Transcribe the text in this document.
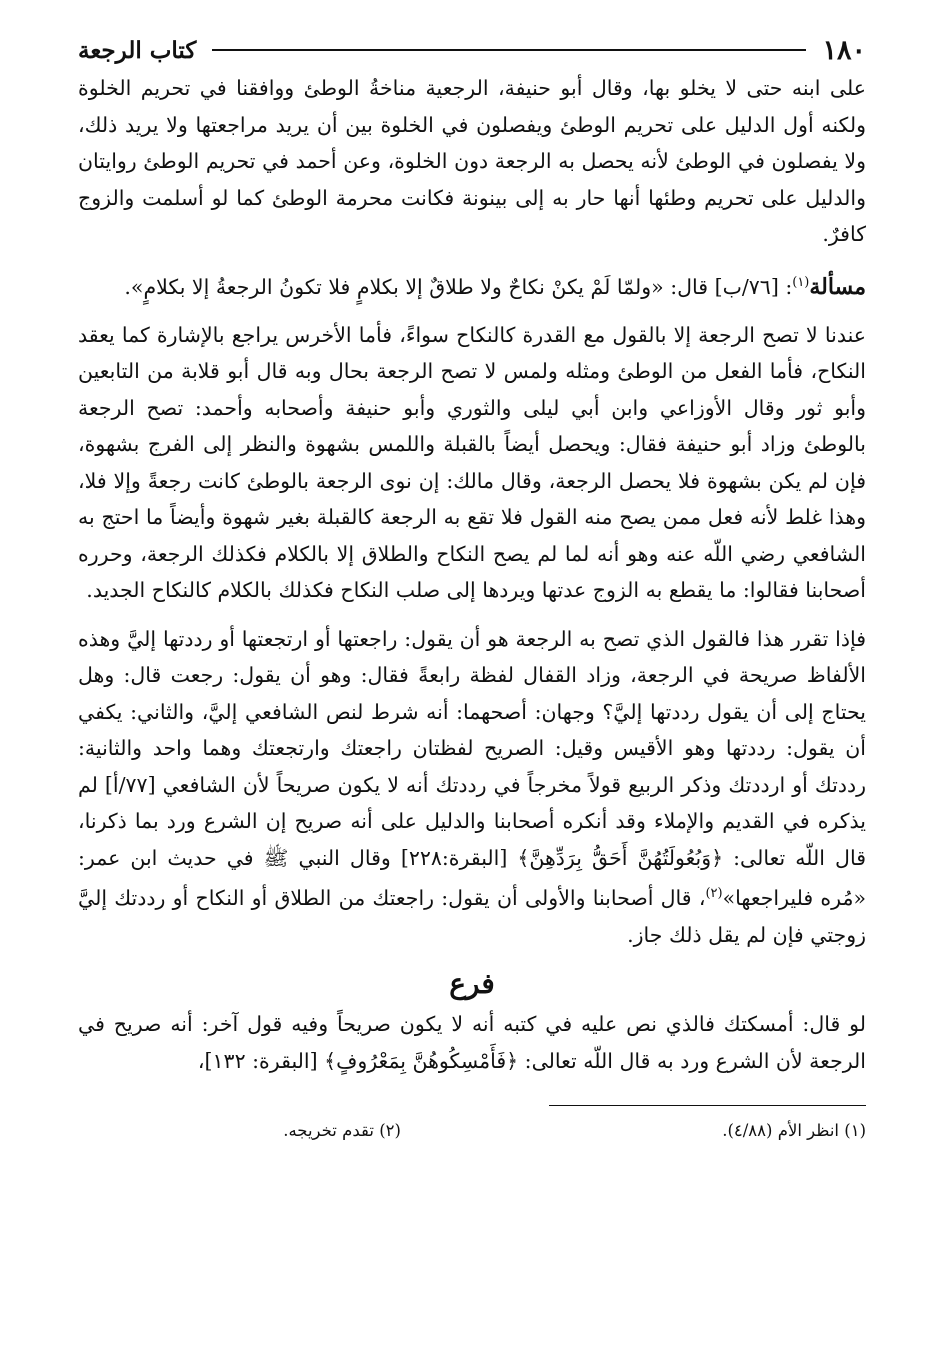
١٨٠
كتاب الرجعة

على ابنه حتى لا يخلو بها، وقال أبو حنيفة، الرجعية مناخةُ الوطئ ووافقنا في تحريم الخلوة ولكنه أول الدليل على تحريم الوطئ ويفصلون في الخلوة بين أن يريد مراجعتها ولا يريد ذلك، ولا يفصلون في الوطئ لأنه يحصل به الرجعة دون الخلوة، وعن أحمد في تحريم الوطئ روايتان والدليل على تحريم وطئها أنها حار به إلى بينونة فكانت محرمة الوطئ كما لو أسلمت والزوج كافرٌ.

مسألة$^{(١)}$: [٧٦/ب] قال: «ولمّا لَمْ يكنْ نكاحٌ ولا طلاقٌ إلا بكلامٍ فلا تكونُ الرجعةُ إلا بكلامٍ».

عندنا لا تصح الرجعة إلا بالقول مع القدرة كالنكاح سواءً، فأما الأخرس يراجع بالإشارة كما يعقد النكاح، فأما الفعل من الوطئ ومثله ولمس لا تصح الرجعة بحال وبه قال أبو قلابة من التابعين وأبو ثور وقال الأوزاعي وابن أبي ليلى والثوري وأبو حنيفة وأصحابه وأحمد: تصح الرجعة بالوطئ وزاد أبو حنيفة فقال: ويحصل أيضاً بالقبلة واللمس بشهوة والنظر إلى الفرج بشهوة، فإن لم يكن بشهوة فلا يحصل الرجعة، وقال مالك: إن نوى الرجعة بالوطئ كانت رجعةً وإلا فلا، وهذا غلط لأنه فعل ممن يصح منه القول فلا تقع به الرجعة كالقبلة بغير شهوة وأيضاً ما احتج به الشافعي رضي اللّه عنه وهو أنه لما لم يصح النكاح والطلاق إلا بالكلام فكذلك الرجعة، وحرره أصحابنا فقالوا: ما يقطع به الزوج عدتها ويردها إلى صلب النكاح فكذلك بالكلام كالنكاح الجديد.

فإذا تقرر هذا فالقول الذي تصح به الرجعة هو أن يقول: راجعتها أو ارتجعتها أو رددتها إليَّ وهذه الألفاظ صريحة في الرجعة، وزاد القفال لفظة رابعةً فقال: وهو أن يقول: رجعت قال: وهل يحتاج إلى أن يقول رددتها إليَّ؟ وجهان: أصحهما: أنه شرط لنص الشافعي إليَّ، والثاني: يكفي أن يقول: رددتها وهو الأقيس وقيل: الصريح لفظتان راجعتك وارتجعتك وهما واحد والثانية: رددتك أو ارددتك وذكر الربيع قولاً مخرجاً في رددتك أنه لا يكون صريحاً لأن الشافعي [٧٧/أ] لم يذكره في القديم والإملاء وقد أنكره أصحابنا والدليل على أنه صريح إن الشرع ورد بما ذكرنا، قال اللّه تعالى: ﴿وَبُعُولَتُهُنَّ أَحَقُّ بِرَدِّهِنَّ﴾ [البقرة:٢٢٨] وقال النبي ﷺ في حديث ابن عمر: «مُره فليراجعها»$^{(٢)}$، قال أصحابنا والأولى أن يقول: راجعتك من الطلاق أو النكاح أو رددتك إليَّ زوجتي فإن لم يقل ذلك جاز.

فرع

لو قال: أمسكتك فالذي نص عليه في كتبه أنه لا يكون صريحاً وفيه قول آخر: أنه صريح في الرجعة لأن الشرع ورد به قال اللّه تعالى: ﴿فَأَمْسِكُوهُنَّ بِمَعْرُوفٍ﴾ [البقرة: ١٣٢]،

(١) انظر الأم (٤/٨٨). (٢) تقدم تخريجه.
